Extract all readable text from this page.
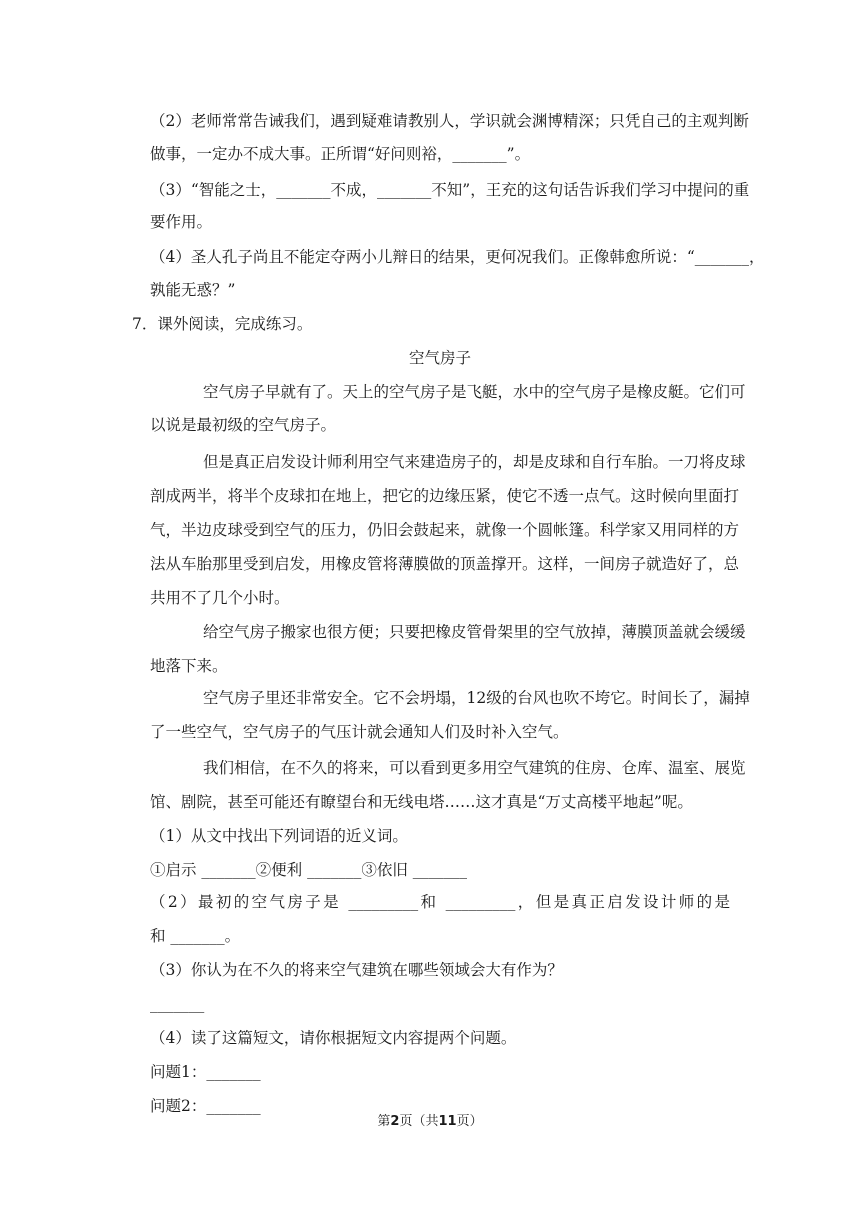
（2）老师常常告诫我们，遇到疑难请教别人，学识就会渊博精深；只凭自己的主观判断
做事，一定办不成大事。正所谓“好问则裕，_______”。
（3）“智能之士，_______不成，_______不知”，王充的这句话告诉我们学习中提问的重
要作用。
（4）圣人孔子尚且不能定夺两小儿辩日的结果，更何况我们。正像韩愈所说：“_______，
孰能无惑？”
7．课外阅读，完成练习。
空气房子
空气房子早就有了。天上的空气房子是飞艇，水中的空气房子是橡皮艇。它们可
以说是最初级的空气房子。
但是真正启发设计师利用空气来建造房子的，却是皮球和自行车胎。一刀将皮球
剖成两半，将半个皮球扣在地上，把它的边缘压紧，使它不透一点气。这时候向里面打
气，半边皮球受到空气的压力，仍旧会鼓起来，就像一个圆帐篷。科学家又用同样的方
法从车胎那里受到启发，用橡皮管将薄膜做的顶盖撑开。这样，一间房子就造好了，总
共用不了几个小时。
给空气房子搬家也很方便；只要把橡皮管骨架里的空气放掉，薄膜顶盖就会缓缓
地落下来。
空气房子里还非常安全。它不会坍塌，12级的台风也吹不垮它。时间长了，漏掉
了一些空气，空气房子的气压计就会通知人们及时补入空气。
我们相信，在不久的将来，可以看到更多用空气建筑的住房、仓库、温室、展览
馆、剧院，甚至可能还有瞭望台和无线电塔……这才真是“万丈高楼平地起”呢。
（1）从文中找出下列词语的近义词。
①启示 _______②便利 _______③依旧 _______
（2）最初的空气房子是 _________和 _________，但是真正启发设计师的是
和 _______。
（3）你认为在不久的将来空气建筑在哪些领域会大有作为？
_______
（4）读了这篇短文，请你根据短文内容提两个问题。
问题1：_______
问题2：_______
第2页（共11页）
